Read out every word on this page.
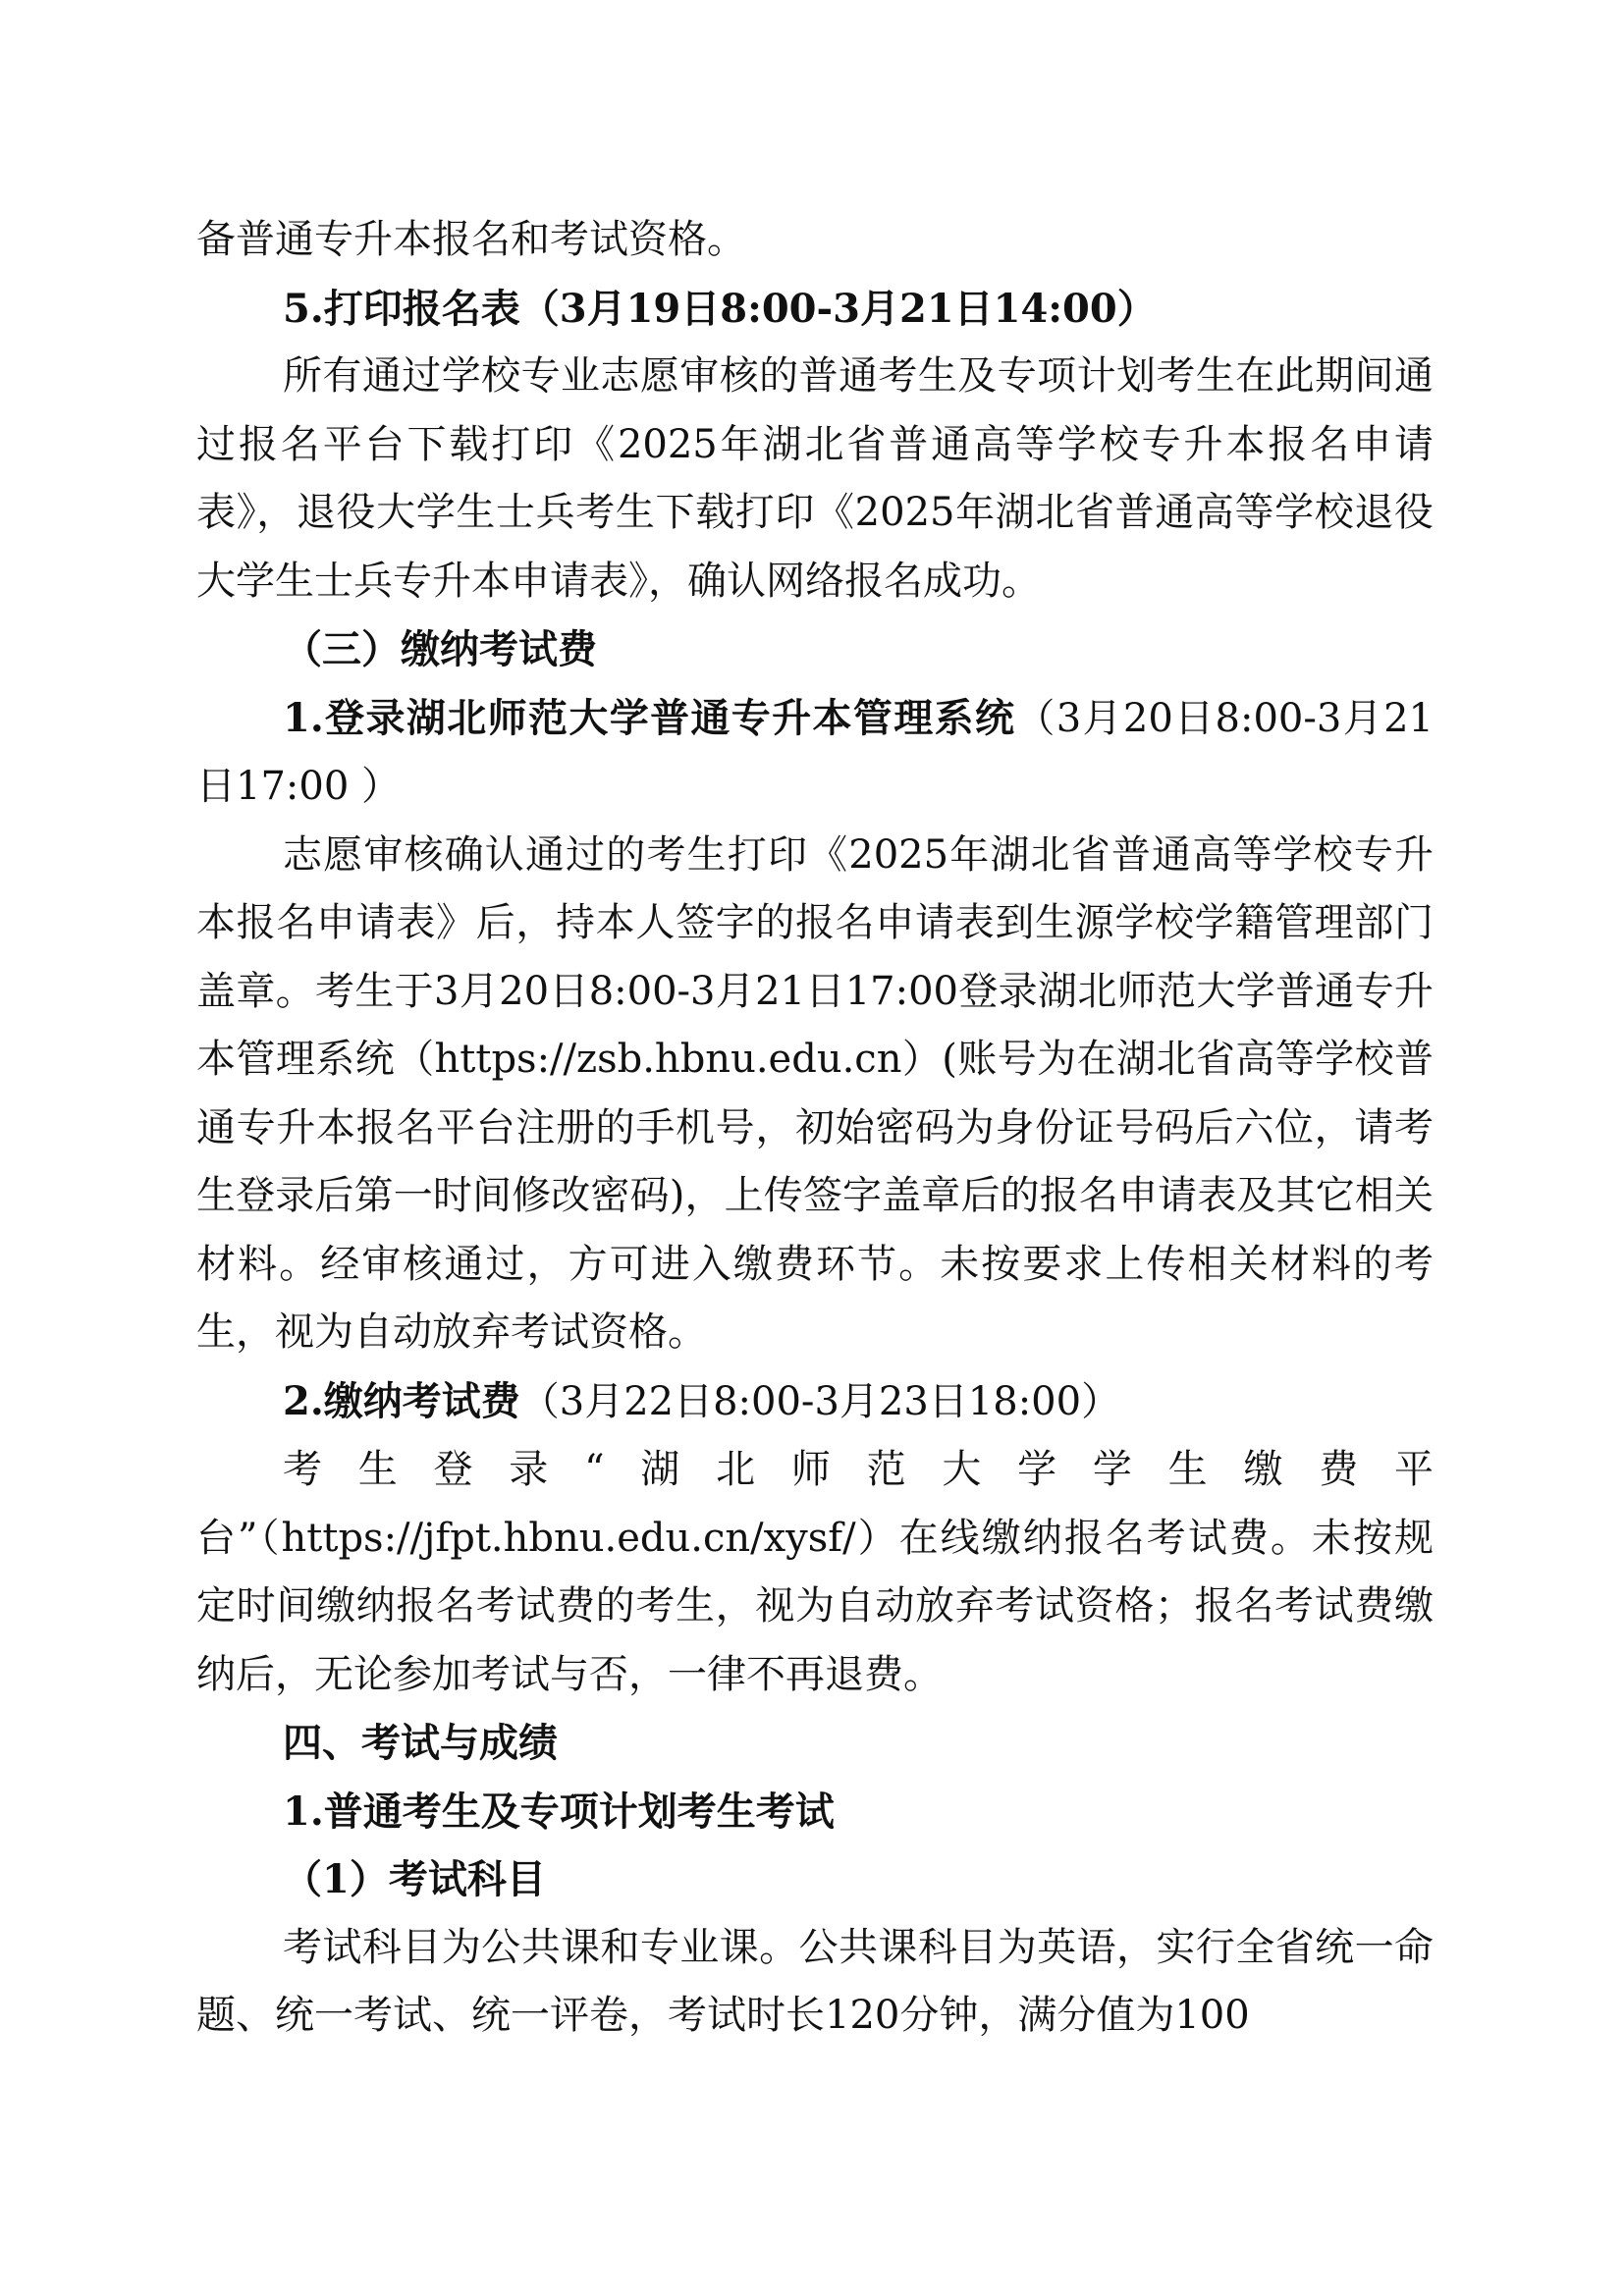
备普通专升本报名和考试资格。

5.打印报名表（3月19日8:00-3月21日14:00）

所有通过学校专业志愿审核的普通考生及专项计划考生在此期间通过报名平台下载打印《2025年湖北省普通高等学校专升本报名申请表》，退役大学生士兵考生下载打印《2025年湖北省普通高等学校退役大学生士兵专升本申请表》，确认网络报名成功。

（三）缴纳考试费

1.登录湖北师范大学普通专升本管理系统（3月20日8:00-3月21日17:00 ）

志愿审核确认通过的考生打印《2025年湖北省普通高等学校专升本报名申请表》后，持本人签字的报名申请表到生源学校学籍管理部门盖章。考生于3月20日8:00-3月21日17:00登录湖北师范大学普通专升本管理系统（https://zsb.hbnu.edu.cn）(账号为在湖北省高等学校普通专升本报名平台注册的手机号，初始密码为身份证号码后六位，请考生登录后第一时间修改密码)，上传签字盖章后的报名申请表及其它相关材料。经审核通过，方可进入缴费环节。未按要求上传相关材料的考生，视为自动放弃考试资格。

2.缴纳考试费（3月22日8:00-3月23日18:00）

考生登录“湖北师范大学学生缴费平台”（https://jfpt.hbnu.edu.cn/xysf/）在线缴纳报名考试费。未按规定时间缴纳报名考试费的考生，视为自动放弃考试资格；报名考试费缴纳后，无论参加考试与否，一律不再退费。

四、考试与成绩

1.普通考生及专项计划考生考试

（1）考试科目

考试科目为公共课和专业课。公共课科目为英语，实行全省统一命题、统一考试、统一评卷，考试时长120分钟，满分值为100
